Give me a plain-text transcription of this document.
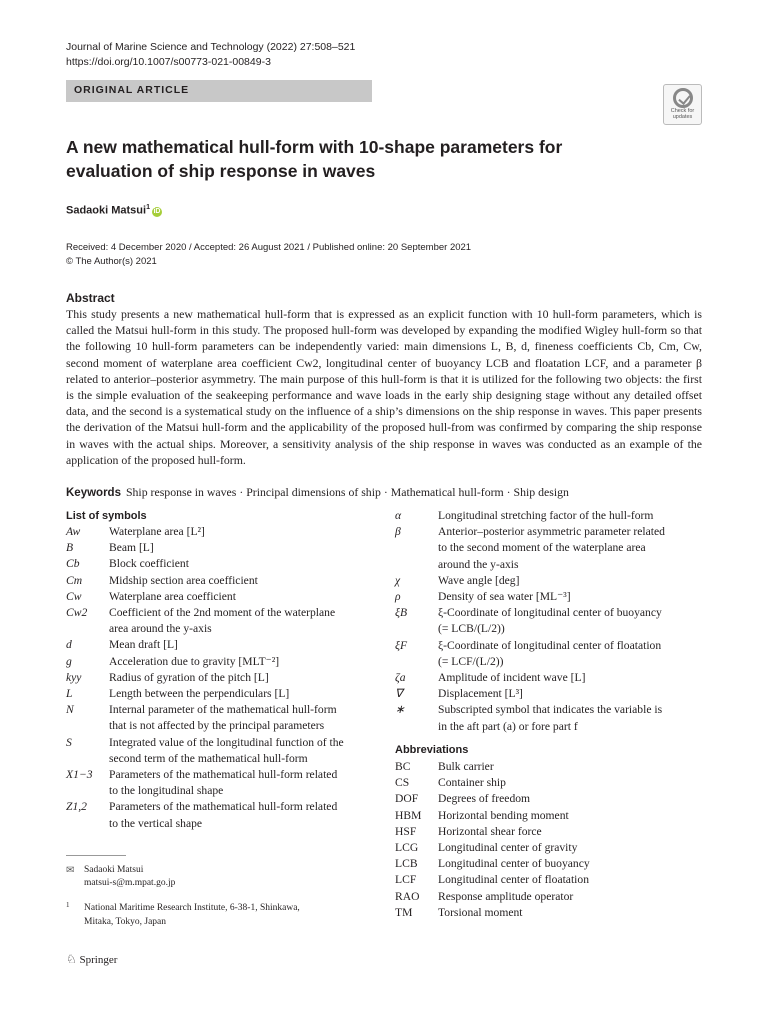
Journal of Marine Science and Technology (2022) 27:508–521
https://doi.org/10.1007/s00773-021-00849-3
ORIGINAL ARTICLE
Check for
updates
A new mathematical hull-form with 10-shape parameters for evaluation of ship response in waves
Sadaoki Matsui$^1$iD
Received: 4 December 2020 / Accepted: 26 August 2021 / Published online: 20 September 2021
© The Author(s) 2021
Abstract
This study presents a new mathematical hull-form that is expressed as an explicit function with 10 hull-form parameters, which is called the Matsui hull-form in this study. The proposed hull-form was developed by expanding the modified Wigley hull-form so that the following 10 hull-form parameters can be independently varied: main dimensions L, B, d, fineness coefficients Cb, Cm, Cw, second moment of waterplane area coefficient Cw2, longitudinal center of buoyancy LCB and floatation LCF, and a parameter β related to anterior–posterior asymmetry. The main purpose of this hull-form is that it is utilized for the following two objects: the first is the simple evaluation of the seakeeping performance and wave loads in the early ship designing stage without any detailed offset data, and the second is a systematical study on the influence of a ship’s dimensions on the ship response in waves. This paper presents the derivation of the Matsui hull-form and the applicability of the proposed hull-from was confirmed by comparing the ship response in waves with the actual ships. Moreover, a sensitivity analysis of the ship response in waves was conducted as an example of the application of the proposed hull-form.
Keywords Ship response in waves · Principal dimensions of ship · Mathematical hull-form · Ship design
List of symbols
Aw Waterplane area [L²]
B	Beam [L]
Cb	Block coefficient
Cm Midship section area coefficient
Cw Waterplane area coefficient
Cw2 Coefficient of the 2nd moment of the waterplane
area around the y-axis
d	Mean draft [L]
g	Acceleration due to gravity [MLT⁻²]
kyy Radius of gyration of the pitch [L]
L	Length between the perpendiculars [L]
N	Internal parameter of the mathematical hull-form
that is not affected by the principal parameters
S	Integrated value of the longitudinal function of the
second term of the mathematical hull-form
X1−3 Parameters of the mathematical hull-form related
to the longitudinal shape
Z1,2 Parameters of the mathematical hull-form related
to the vertical shape
α	Longitudinal stretching factor of the hull-form
β	Anterior–posterior asymmetric parameter related
to the second moment of the waterplane area
around the y-axis
χ	Wave angle [deg]
ρ	Density of sea water [ML⁻³]
ξB	ξ-Coordinate of longitudinal center of buoyancy
(= LCB/(L/2))
ξF	ξ-Coordinate of longitudinal center of floatation
(= LCF/(L/2))
ζa	Amplitude of incident wave [L]
∇	Displacement [L³]
∗	Subscripted symbol that indicates the variable is
in the aft part (a) or fore part f
Abbreviations
BC Bulk carrier
CS Container ship
DOF Degrees of freedom
HBM Horizontal bending moment
HSF Horizontal shear force
LCG Longitudinal center of gravity
LCB Longitudinal center of buoyancy
LCF Longitudinal center of floatation
RAO Response amplitude operator
TM Torsional moment
✉ Sadaoki Matsui
matsui-s@m.mpat.go.jp
1 National Maritime Research Institute, 6-38-1, Shinkawa,
Mitaka, Tokyo, Japan
♘ Springer
